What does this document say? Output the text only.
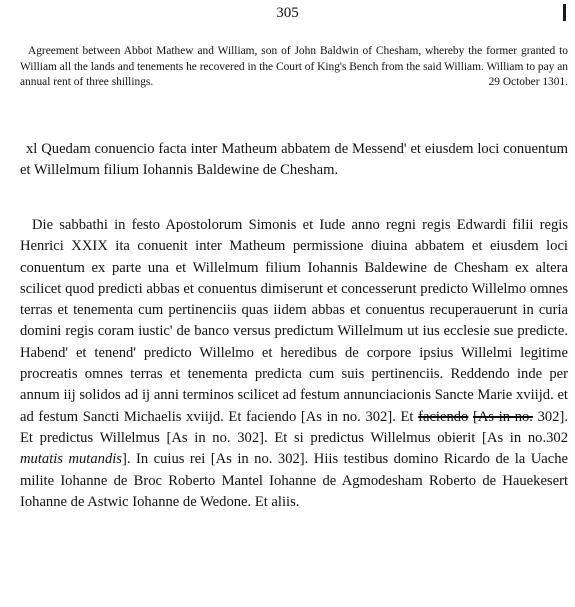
305
Agreement between Abbot Mathew and William, son of John Baldwin of Chesham, whereby the former granted to William all the lands and tenements he recovered in the Court of King's Bench from the said William. William to pay an annual rent of three shillings.	29 October 1301.
xl Quedam conuencio facta inter Matheum abbatem de Messend' et eiusdem loci conuentum et Willelmum filium Iohannis Baldewine de Chesham.
Die sabbathi in festo Apostolorum Simonis et Iude anno regni regis Edwardi filii regis Henrici XXIX ita conuenit inter Matheum permissione diuina abbatem et eiusdem loci conuentum ex parte una et Willelmum filium Iohannis Baldewine de Chesham ex altera scilicet quod predicti abbas et conuentus dimiserunt et concesserunt predicto Willelmo omnes terras et tenementa cum pertinenciis quas iidem abbas et conuentus recuperauerunt in curia domini regis coram iustic' de banco versus predictum Willelmum ut ius ecclesie sue predicte. Habend' et tenend' predicto Willelmo et heredibus de corpore ipsius Willelmi legitime procreatis omnes terras et tenementa predicta cum suis pertinenciis. Reddendo inde per annum iij solidos ad ij anni terminos scilicet ad festum annunciacionis Sancte Marie xviijd. et ad festum Sancti Michaelis xviijd. Et faciendo [As in no. 302]. Et faciendo [As in no. 302]. Et predictus Willelmus [As in no. 302]. Et si predictus Willelmus obierit [As in no.302 mutatis mutandis]. In cuius rei [As in no. 302]. Hiis testibus domino Ricardo de la Uache milite Iohanne de Broc Roberto Mantel Iohanne de Agmodesham Roberto de Hauekesert Iohanne de Astwic Iohanne de Wedone. Et aliis.
